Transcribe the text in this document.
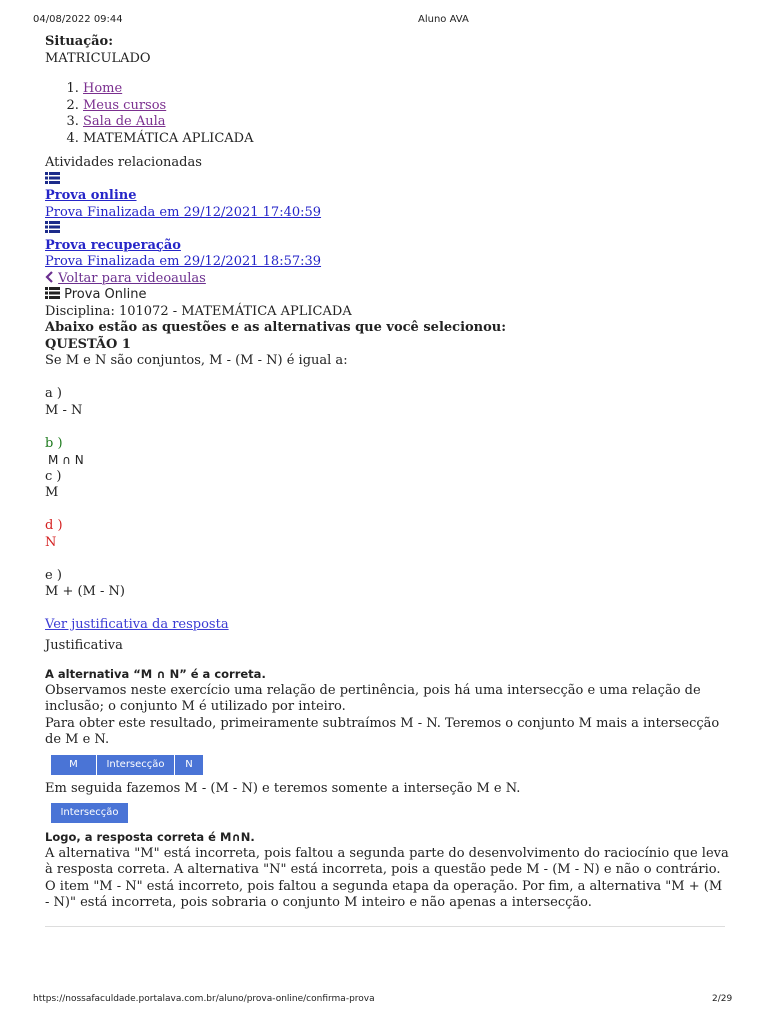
04/08/2022 09:44	Aluno AVA
Situação:
MATRICULADO
1. Home
2. Meus cursos
3. Sala de Aula
4. MATEMÁTICA APLICADA
Atividades relacionadas
Prova online
Prova Finalizada em 29/12/2021 17:40:59
Prova recuperação
Prova Finalizada em 29/12/2021 18:57:39
Voltar para videoaulas
Prova Online
Disciplina: 101072 - MATEMÁTICA APLICADA
Abaixo estão as questões e as alternativas que você selecionou:
QUESTÃO 1
Se M e N são conjuntos, M - (M - N) é igual a:
a )
M - N
b )
M ∩ N
c )
M
d )
N
e )
M + (M - N)
Ver justificativa da resposta
Justificativa
A alternativa “M ∩ N” é a correta.
Observamos neste exercício uma relação de pertinência, pois há uma intersecção e uma relação de inclusão; o conjunto M é utilizado por inteiro.
Para obter este resultado, primeiramente subtraímos M - N. Teremos o conjunto M mais a intersecção de M e N.
M	Intersecção	N
Em seguida fazemos M - (M - N) e teremos somente a interseção M e N.
Intersecção
Logo, a resposta correta é M∩N.
A alternativa "M" está incorreta, pois faltou a segunda parte do desenvolvimento do raciocínio que leva à resposta correta. A alternativa "N" está incorreta, pois a questão pede M - (M - N) e não o contrário. O item "M - N" está incorreto, pois faltou a segunda etapa da operação. Por fim, a alternativa "M + (M - N)" está incorreta, pois sobraria o conjunto M inteiro e não apenas a intersecção.
https://nossafaculdade.portalava.com.br/aluno/prova-online/confirma-prova	2/29
